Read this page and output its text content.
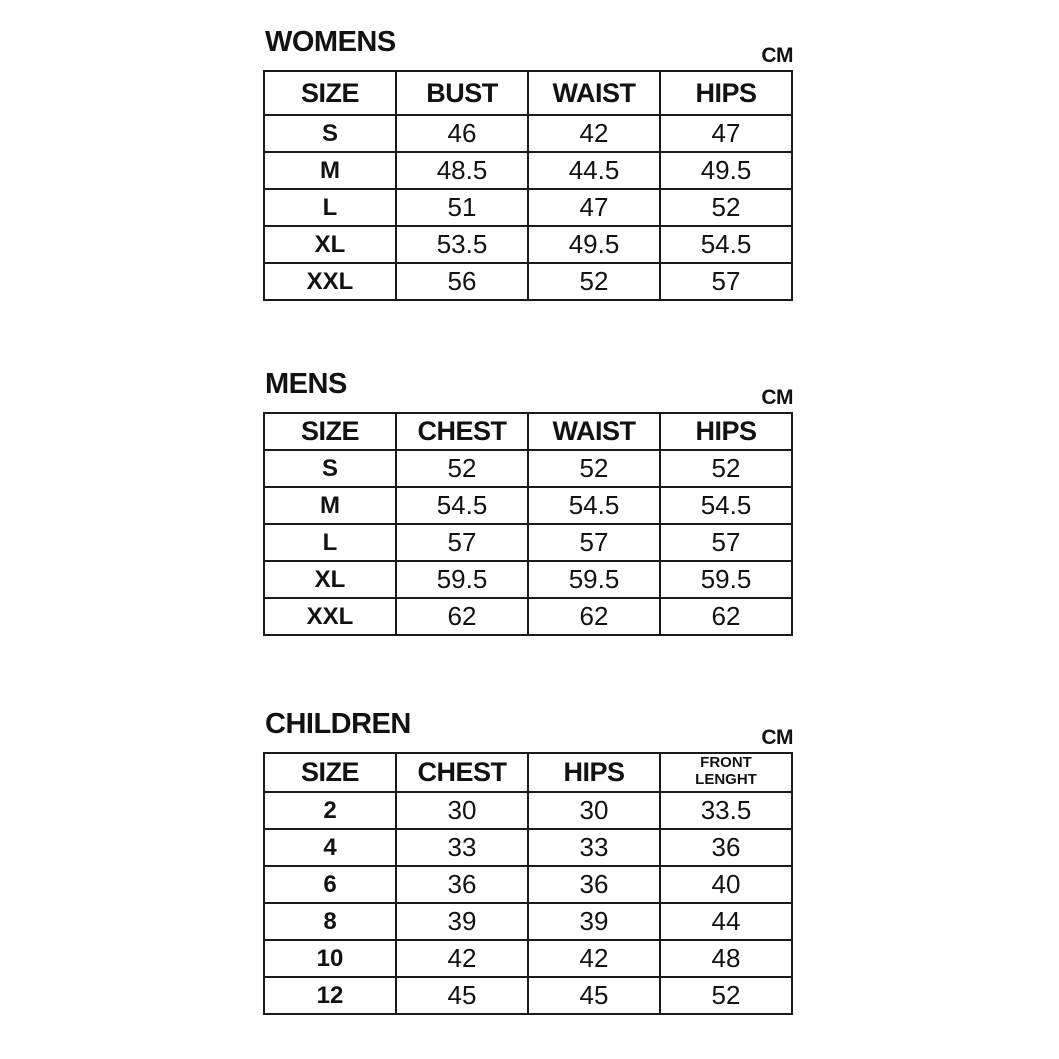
WOMENS	CM
SIZE	BUST	WAIST	HIPS
S	46	42	47
M	48.5	44.5	49.5
L	51	47	52
XL	53.5	49.5	54.5
XXL	56	52	57
MENS	CM
SIZE	CHEST	WAIST	HIPS
S	52	52	52
M	54.5	54.5	54.5
L	57	57	57
XL	59.5	59.5	59.5
XXL	62	62	62
CHILDREN	CM
SIZE	CHEST	HIPS	FRONT LENGHT
2	30	30	33.5
4	33	33	36
6	36	36	40
8	39	39	44
10	42	42	48
12	45	45	52
